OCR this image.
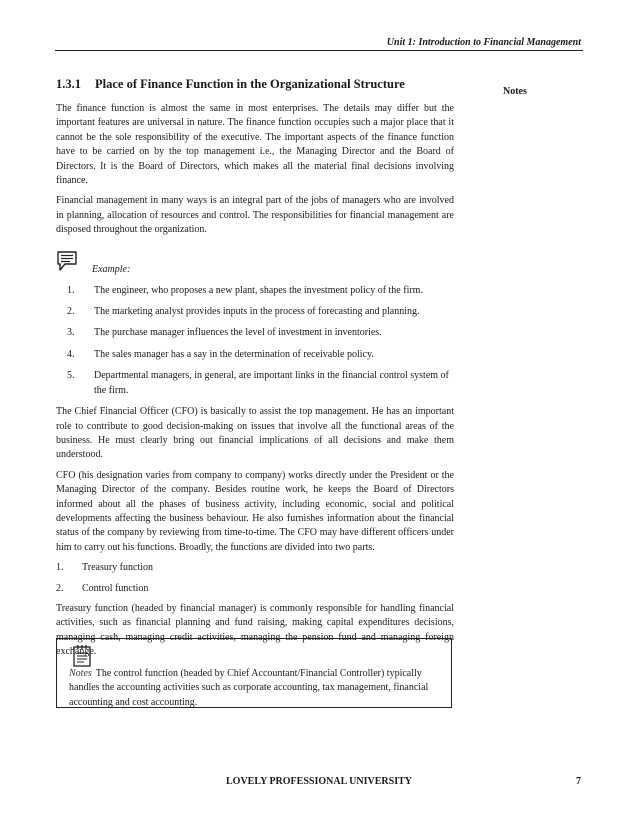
Unit 1: Introduction to Financial Management
Notes
1.3.1 Place of Finance Function in the Organizational Structure

The finance function is almost the same in most enterprises. The details may differ but the important features are universal in nature. The finance function occupies such a major place that it cannot be the sole responsibility of the executive. The important aspects of the finance function have to be carried on by the top management i.e., the Managing Director and the Board of Directors. It is the Board of Directors, which makes all the material final decisions involving finance.

Financial management in many ways is an integral part of the jobs of managers who are involved in planning, allocation of resources and control. The responsibilities for financial management are disposed throughout the organization.

Example:
1.	The engineer, who proposes a new plant, shapes the investment policy of the firm.
2.	The marketing analyst provides inputs in the process of forecasting and planning.
3.	The purchase manager influences the level of investment in inventories.
4.	The sales manager has a say in the determination of receivable policy.
5.	Departmental managers, in general, are important links in the financial control system of the firm.

The Chief Financial Officer (CFO) is basically to assist the top management. He has an important role to contribute to good decision-making on issues that involve all the functional areas of the business. He must clearly bring out financial implications of all decisions and make them understood.

CFO (his designation varies from company to company) works directly under the President or the Managing Director of the company. Besides routine work, he keeps the Board of Directors informed about all the phases of business activity, including economic, social and political developments affecting the business behaviour. He also furnishes information about the financial status of the company by reviewing from time-to-time. The CFO may have different officers under him to carry out his functions. Broadly, the functions are divided into two parts.

1.	Treasury function
2.	Control function

Treasury function (headed by financial manager) is commonly responsible for handling financial activities, such as financial planning and fund raising, making capital expenditures decisions, managing cash, managing credit activities, managing the pension fund and managing foreign exchange.

Notes The control function (headed by Chief Accountant/Financial Controller) typically handles the accounting activities such as corporate accounting, tax management, financial accounting and cost accounting.
LOVELY PROFESSIONAL UNIVERSITY	7
